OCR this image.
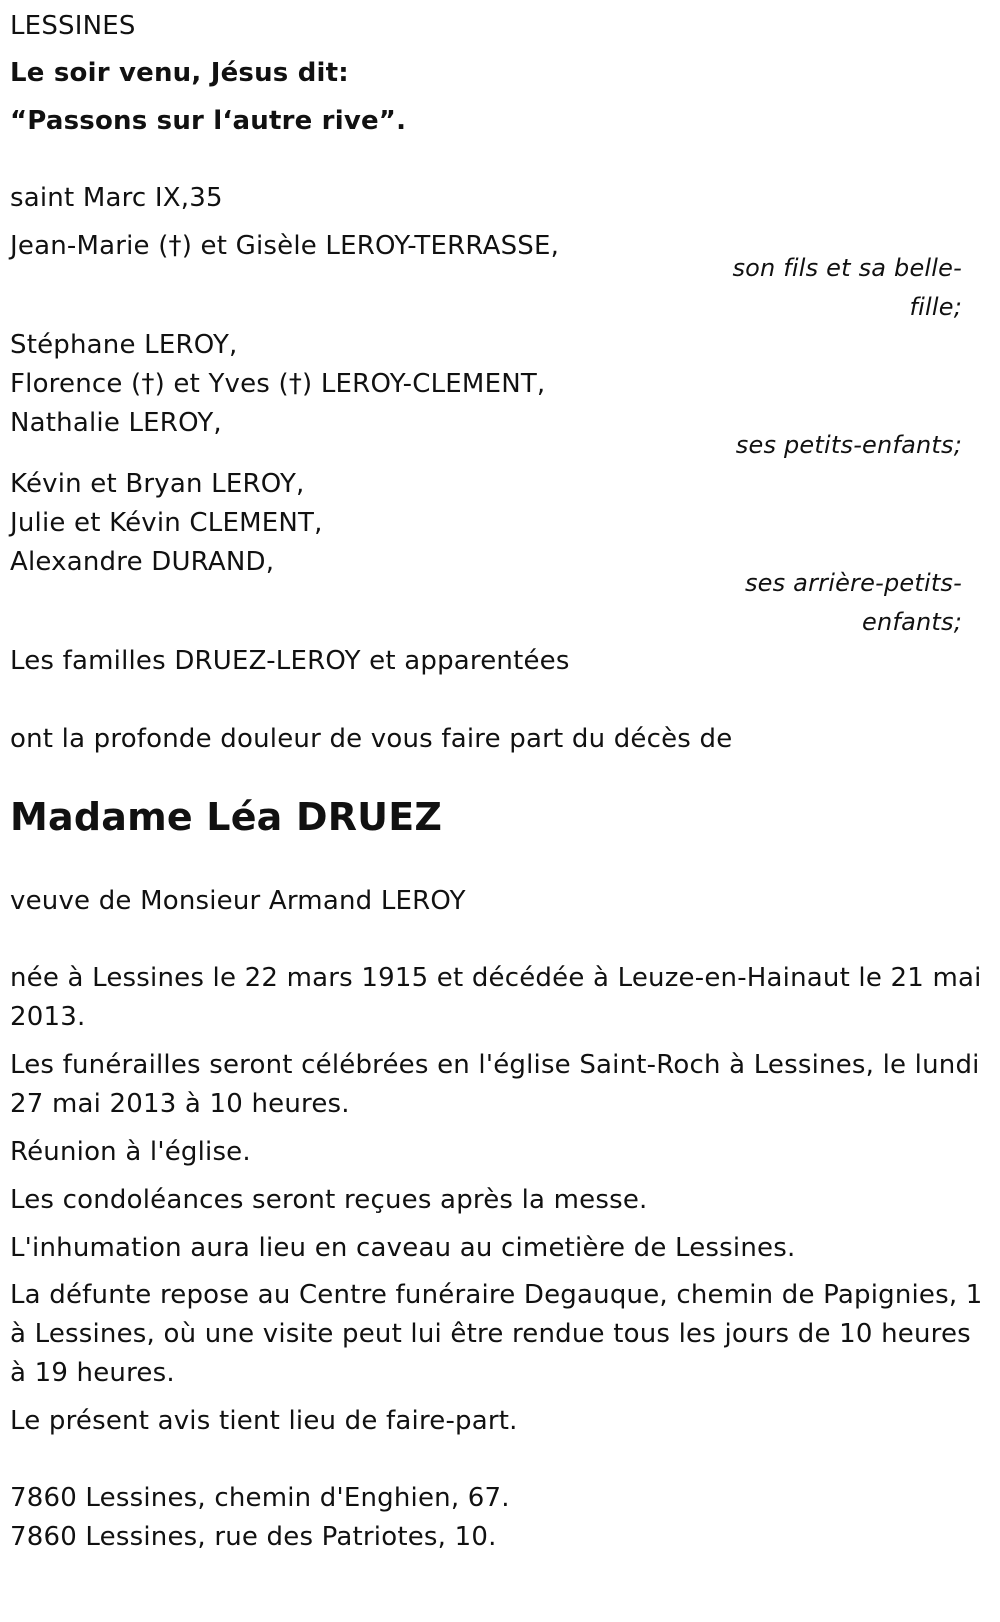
LESSINES

Le soir venu, Jésus dit:

“Passons sur l‘autre rive”.

saint Marc IX,35

Jean-Marie (†) et Gisèle LEROY-TERRASSE,

son fils et sa belle-

fille;

Stéphane LEROY,

Florence (†) et Yves (†) LEROY-CLEMENT,

Nathalie LEROY,

ses petits-enfants;

Kévin et Bryan LEROY,

Julie et Kévin CLEMENT,

Alexandre DURAND,

ses arrière-petits-

enfants;

Les familles DRUEZ-LEROY et apparentées

ont la profonde douleur de vous faire part du décès de

Madame Léa DRUEZ

veuve de Monsieur Armand LEROY

née à Lessines le 22 mars 1915 et décédée à Leuze-en-Hainaut le 21 mai

2013.

Les funérailles seront célébrées en l'église Saint-Roch à Lessines, le lundi

27 mai 2013 à 10 heures.

Réunion à l'église.

Les condoléances seront reçues après la messe.

L'inhumation aura lieu en caveau au cimetière de Lessines.

La défunte repose au Centre funéraire Degauque, chemin de Papignies, 1

à Lessines, où une visite peut lui être rendue tous les jours de 10 heures

à 19 heures.

Le présent avis tient lieu de faire-part.

7860 Lessines, chemin d'Enghien, 67.

7860 Lessines, rue des Patriotes, 10.
